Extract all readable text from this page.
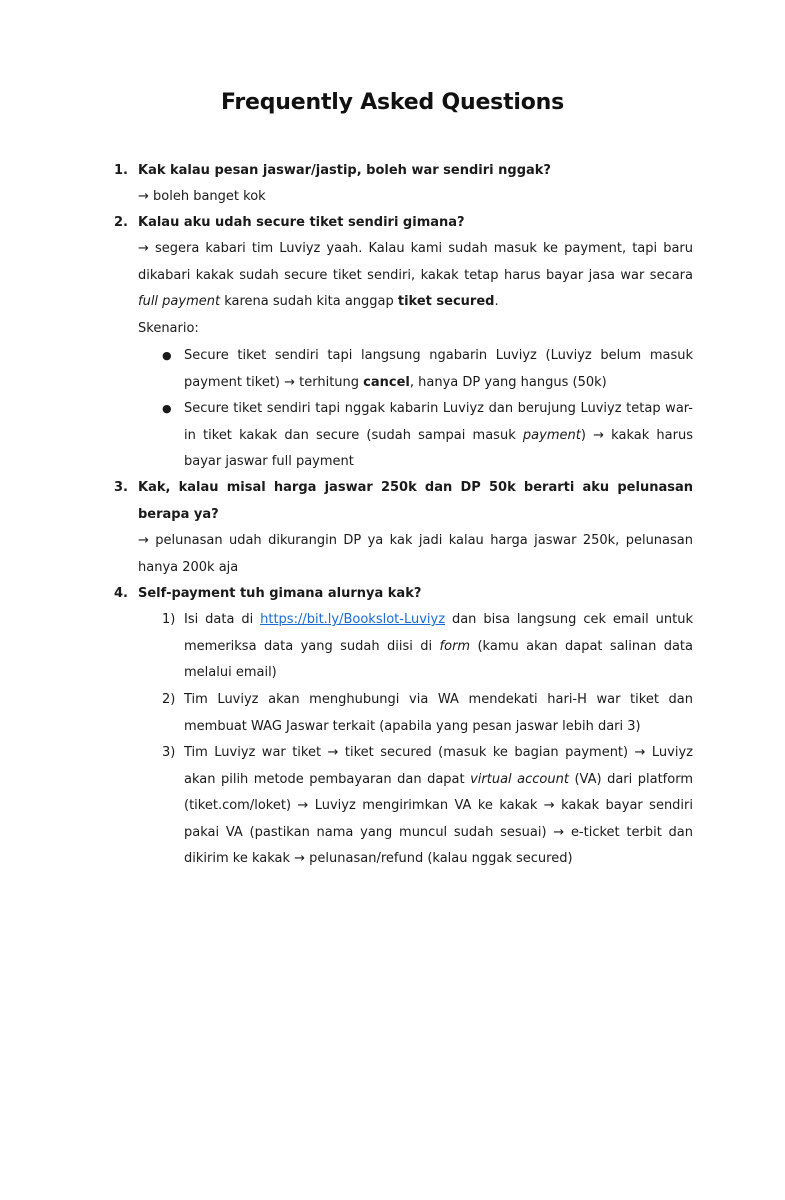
Frequently Asked Questions
1. Kak kalau pesan jaswar/jastip, boleh war sendiri nggak?
→ boleh banget kok
2. Kalau aku udah secure tiket sendiri gimana?
→ segera kabari tim Luviyz yaah. Kalau kami sudah masuk ke payment, tapi baru dikabari kakak sudah secure tiket sendiri, kakak tetap harus bayar jasa war secara full payment karena sudah kita anggap tiket secured.
Skenario:
● Secure tiket sendiri tapi langsung ngabarin Luviyz (Luviyz belum masuk payment tiket) → terhitung cancel, hanya DP yang hangus (50k)
● Secure tiket sendiri tapi nggak kabarin Luviyz dan berujung Luviyz tetap war-in tiket kakak dan secure (sudah sampai masuk payment) → kakak harus bayar jaswar full payment
3. Kak, kalau misal harga jaswar 250k dan DP 50k berarti aku pelunasan berapa ya?
→ pelunasan udah dikurangin DP ya kak jadi kalau harga jaswar 250k, pelunasan hanya 200k aja
4. Self-payment tuh gimana alurnya kak?
1) Isi data di https://bit.ly/Bookslot-Luviyz dan bisa langsung cek email untuk memeriksa data yang sudah diisi di form (kamu akan dapat salinan data melalui email)
2) Tim Luviyz akan menghubungi via WA mendekati hari-H war tiket dan membuat WAG Jaswar terkait (apabila yang pesan jaswar lebih dari 3)
3) Tim Luviyz war tiket → tiket secured (masuk ke bagian payment) → Luviyz akan pilih metode pembayaran dan dapat virtual account (VA) dari platform (tiket.com/loket) → Luviyz mengirimkan VA ke kakak → kakak bayar sendiri pakai VA (pastikan nama yang muncul sudah sesuai) → e-ticket terbit dan dikirim ke kakak → pelunasan/refund (kalau nggak secured)
